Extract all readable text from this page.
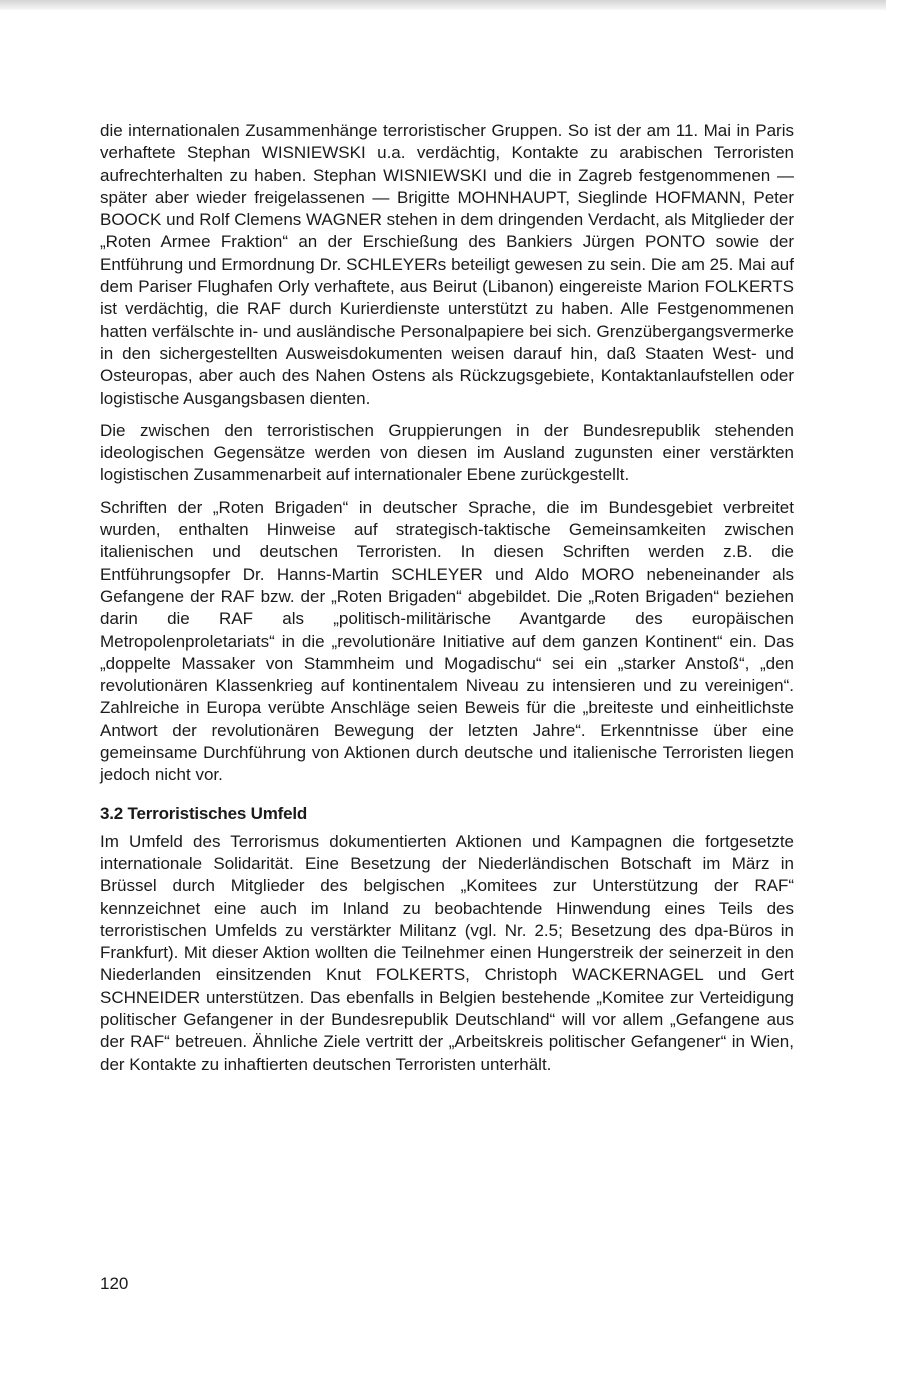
die internationalen Zusammenhänge terroristischer Gruppen. So ist der am 11. Mai in Paris verhaftete Stephan WISNIEWSKI u.a. verdächtig, Kontakte zu arabischen Terroristen aufrechterhalten zu haben. Stephan WISNIEWSKI und die in Zagreb festgenommenen — später aber wieder freigelassenen — Brigitte MOHNHAUPT, Sieglinde HOFMANN, Peter BOOCK und Rolf Clemens WAGNER stehen in dem dringenden Verdacht, als Mitglieder der „Roten Armee Fraktion“ an der Erschießung des Bankiers Jürgen PONTO sowie der Entführung und Ermordnung Dr. SCHLEYERs beteiligt gewesen zu sein. Die am 25. Mai auf dem Pariser Flughafen Orly verhaftete, aus Beirut (Libanon) eingereiste Marion FOLKERTS ist verdächtig, die RAF durch Kurierdienste unterstützt zu haben. Alle Festgenommenen hatten verfälschte in- und ausländische Personalpapiere bei sich. Grenzübergangsvermerke in den sichergestellten Ausweisdokumenten weisen darauf hin, daß Staaten West- und Osteuropas, aber auch des Nahen Ostens als Rückzugsgebiete, Kontaktanlaufstellen oder logistische Ausgangsbasen dienten.

Die zwischen den terroristischen Gruppierungen in der Bundesrepublik stehenden ideologischen Gegensätze werden von diesen im Ausland zugunsten einer verstärkten logistischen Zusammenarbeit auf internationaler Ebene zurückgestellt.

Schriften der „Roten Brigaden“ in deutscher Sprache, die im Bundesgebiet verbreitet wurden, enthalten Hinweise auf strategisch-taktische Gemeinsamkeiten zwischen italienischen und deutschen Terroristen. In diesen Schriften werden z.B. die Entführungsopfer Dr. Hanns-Martin SCHLEYER und Aldo MORO nebeneinander als Gefangene der RAF bzw. der „Roten Brigaden“ abgebildet. Die „Roten Brigaden“ beziehen darin die RAF als „politisch-militärische Avantgarde des europäischen Metropolenproletariats“ in die „revolutionäre Initiative auf dem ganzen Kontinent“ ein. Das „doppelte Massaker von Stammheim und Mogadischu“ sei ein „starker Anstoß“, „den revolutionären Klassenkrieg auf kontinentalem Niveau zu intensieren und zu vereinigen“. Zahlreiche in Europa verübte Anschläge seien Beweis für die „breiteste und einheitlichste Antwort der revolutionären Bewegung der letzten Jahre“. Erkenntnisse über eine gemeinsame Durchführung von Aktionen durch deutsche und italienische Terroristen liegen jedoch nicht vor.

3.2 Terroristisches Umfeld

Im Umfeld des Terrorismus dokumentierten Aktionen und Kampagnen die fortgesetzte internationale Solidarität. Eine Besetzung der Niederländischen Botschaft im März in Brüssel durch Mitglieder des belgischen „Komitees zur Unterstützung der RAF“ kennzeichnet eine auch im Inland zu beobachtende Hinwendung eines Teils des terroristischen Umfelds zu verstärkter Militanz (vgl. Nr. 2.5; Besetzung des dpa-Büros in Frankfurt). Mit dieser Aktion wollten die Teilnehmer einen Hungerstreik der seinerzeit in den Niederlanden einsitzenden Knut FOLKERTS, Christoph WACKERNAGEL und Gert SCHNEIDER unterstützen. Das ebenfalls in Belgien bestehende „Komitee zur Verteidigung politischer Gefangener in der Bundesrepublik Deutschland“ will vor allem „Gefangene aus der RAF“ betreuen. Ähnliche Ziele vertritt der „Arbeitskreis politischer Gefangener“ in Wien, der Kontakte zu inhaftierten deutschen Terroristen unterhält.

120
